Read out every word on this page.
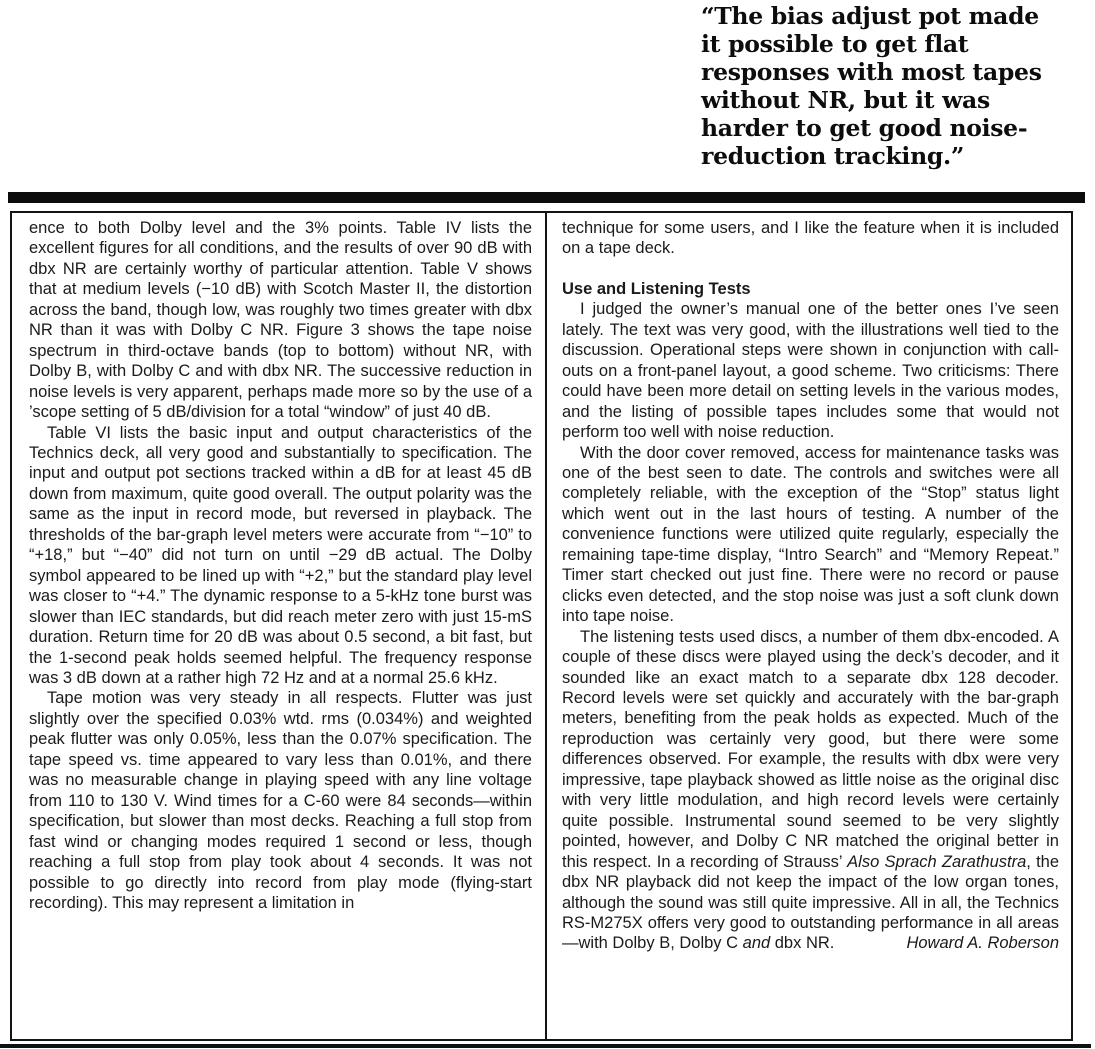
“The bias adjust pot made it possible to get flat responses with most tapes without NR, but it was harder to get good noise-reduction tracking.”

ence to both Dolby level and the 3% points. Table IV lists the excellent figures for all conditions, and the results of over 90 dB with dbx NR are certainly worthy of particular attention. Table V shows that at medium levels (−10 dB) with Scotch Master II, the distortion across the band, though low, was roughly two times greater with dbx NR than it was with Dolby C NR. Figure 3 shows the tape noise spectrum in third-octave bands (top to bottom) without NR, with Dolby B, with Dolby C and with dbx NR. The successive reduction in noise levels is very apparent, perhaps made more so by the use of a ’scope setting of 5 dB/division for a total “window” of just 40 dB.

Table VI lists the basic input and output characteristics of the Technics deck, all very good and substantially to specification. The input and output pot sections tracked within a dB for at least 45 dB down from maximum, quite good overall. The output polarity was the same as the input in record mode, but reversed in playback. The thresholds of the bar-graph level meters were accurate from “−10” to “+18,” but “−40” did not turn on until −29 dB actual. The Dolby symbol appeared to be lined up with “+2,” but the standard play level was closer to “+4.” The dynamic response to a 5-kHz tone burst was slower than IEC standards, but did reach meter zero with just 15-mS duration. Return time for 20 dB was about 0.5 second, a bit fast, but the 1-second peak holds seemed helpful. The frequency response was 3 dB down at a rather high 72 Hz and at a normal 25.6 kHz.

Tape motion was very steady in all respects. Flutter was just slightly over the specified 0.03% wtd. rms (0.034%) and weighted peak flutter was only 0.05%, less than the 0.07% specification. The tape speed vs. time appeared to vary less than 0.01%, and there was no measurable change in playing speed with any line voltage from 110 to 130 V. Wind times for a C-60 were 84 seconds—within specification, but slower than most decks. Reaching a full stop from fast wind or changing modes required 1 second or less, though reaching a full stop from play took about 4 seconds. It was not possible to go directly into record from play mode (flying-start recording). This may represent a limitation in

technique for some users, and I like the feature when it is included on a tape deck.

Use and Listening Tests

I judged the owner’s manual one of the better ones I’ve seen lately. The text was very good, with the illustrations well tied to the discussion. Operational steps were shown in conjunction with call-outs on a front-panel layout, a good scheme. Two criticisms: There could have been more detail on setting levels in the various modes, and the listing of possible tapes includes some that would not perform too well with noise reduction.

With the door cover removed, access for maintenance tasks was one of the best seen to date. The controls and switches were all completely reliable, with the exception of the “Stop” status light which went out in the last hours of testing. A number of the convenience functions were utilized quite regularly, especially the remaining tape-time display, “Intro Search” and “Memory Repeat.” Timer start checked out just fine. There were no record or pause clicks even detected, and the stop noise was just a soft clunk down into tape noise.

The listening tests used discs, a number of them dbx-encoded. A couple of these discs were played using the deck’s decoder, and it sounded like an exact match to a separate dbx 128 decoder. Record levels were set quickly and accurately with the bar-graph meters, benefiting from the peak holds as expected. Much of the reproduction was certainly very good, but there were some differences observed. For example, the results with dbx were very impressive, tape playback showed as little noise as the original disc with very little modulation, and high record levels were certainly quite possible. Instrumental sound seemed to be very slightly pointed, however, and Dolby C NR matched the original better in this respect. In a recording of Strauss’ Also Sprach Zarathustra, the dbx NR playback did not keep the impact of the low organ tones, although the sound was still quite impressive. All in all, the Technics RS-M275X offers very good to outstanding performance in all areas—with Dolby B, Dolby C and dbx NR.	Howard A. Roberson
